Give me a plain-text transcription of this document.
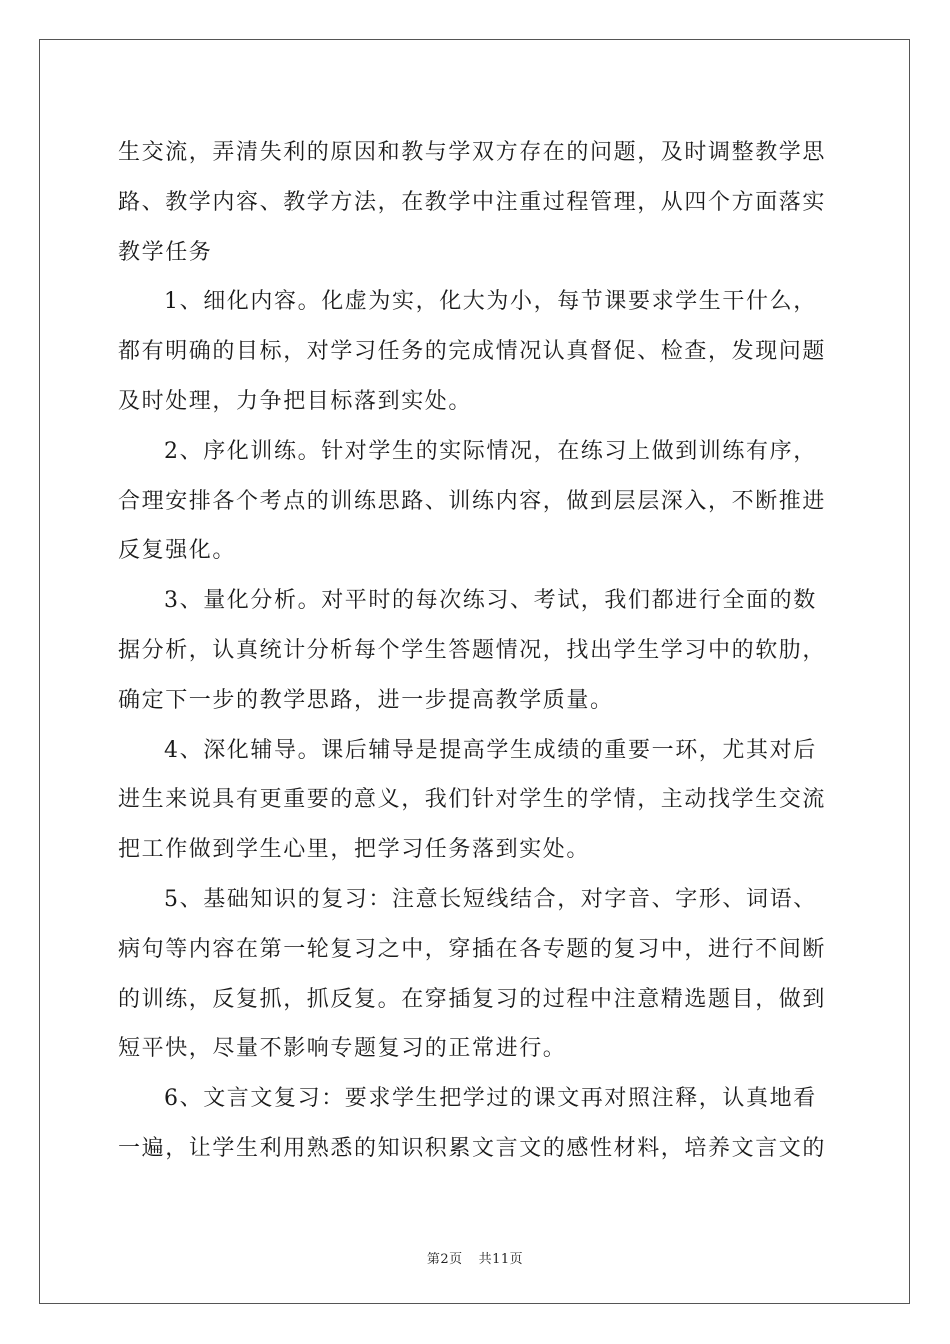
生交流，弄清失利的原因和教与学双方存在的问题，及时调整教学思
路、教学内容、教学方法，在教学中注重过程管理，从四个方面落实
教学任务

1、细化内容。化虚为实，化大为小，每节课要求学生干什么，
都有明确的目标，对学习任务的完成情况认真督促、检查，发现问题
及时处理，力争把目标落到实处。

2、序化训练。针对学生的实际情况，在练习上做到训练有序，
合理安排各个考点的训练思路、训练内容，做到层层深入，不断推进
反复强化。

3、量化分析。对平时的每次练习、考试，我们都进行全面的数
据分析，认真统计分析每个学生答题情况，找出学生学习中的软肋，
确定下一步的教学思路，进一步提高教学质量。

4、深化辅导。课后辅导是提高学生成绩的重要一环，尤其对后
进生来说具有更重要的意义，我们针对学生的学情，主动找学生交流
把工作做到学生心里，把学习任务落到实处。

5、基础知识的复习：注意长短线结合，对字音、字形、词语、
病句等内容在第一轮复习之中，穿插在各专题的复习中，进行不间断
的训练，反复抓，抓反复。在穿插复习的过程中注意精选题目，做到
短平快，尽量不影响专题复习的正常进行。

6、文言文复习：要求学生把学过的课文再对照注释，认真地看
一遍，让学生利用熟悉的知识积累文言文的感性材料，培养文言文的

第2页 共11页
